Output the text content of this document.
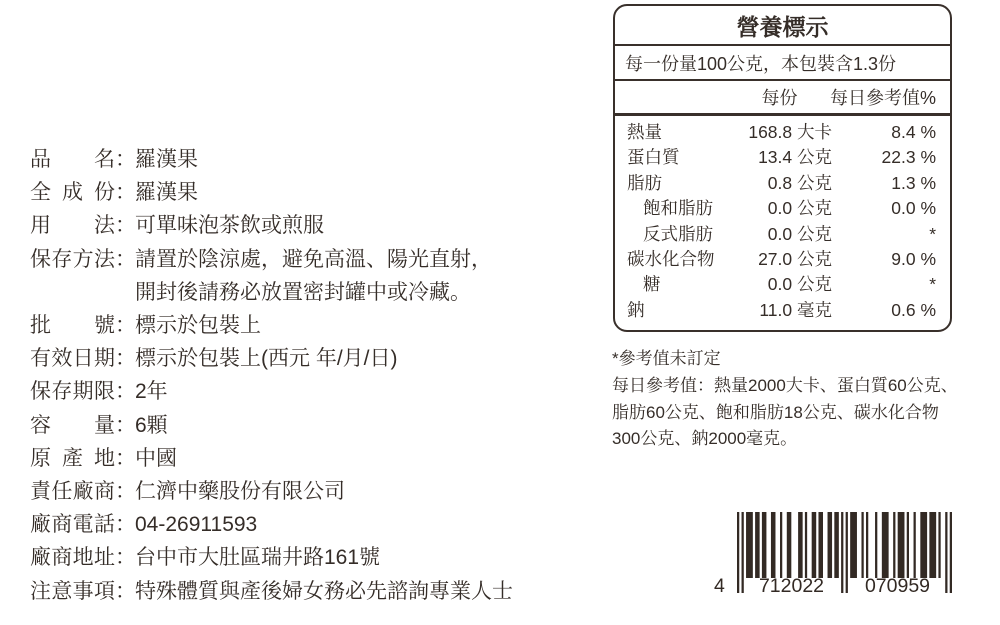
品 名 ： 羅漢果
全 成 份 ： 羅漢果
用 法 ： 可單味泡茶飲或煎服
保 存 方 法 ： 請置於陰涼處，避免高溫、陽光直射，
開封後請務必放置密封罐中或冷藏。
批 號 ： 標示於包裝上
有 效 日 期 ： 標示於包裝上(西元 年/月/日)
保 存 期 限 ： 2年
容 量 ： 6顆
原 產 地 ： 中國
責 任 廠 商 ： 仁濟中藥股份有限公司
廠 商 電 話 ： 04-26911593
廠 商 地 址 ： 台中市大肚區瑞井路161號
注 意 事 項 ： 特殊體質與產後婦女務必先諮詢專業人士
營養標示
每一份量100公克，本包裝含1.3份
每份	每日參考值%
熱量	168.8 大卡	8.4 %
蛋白質	13.4 公克	22.3 %
脂肪	0.8 公克	1.3 %
飽和脂肪	0.0 公克	0.0 %
反式脂肪	0.0 公克	*
碳水化合物	27.0 公克	9.0 %
糖	0.0 公克	*
鈉	11.0 毫克	0.6 %
*參考值未訂定
每日參考值：熱量2000大卡、蛋白質60公克、
脂肪60公克、飽和脂肪18公克、碳水化合物
300公克、鈉2000毫克。
4	712022	070959
